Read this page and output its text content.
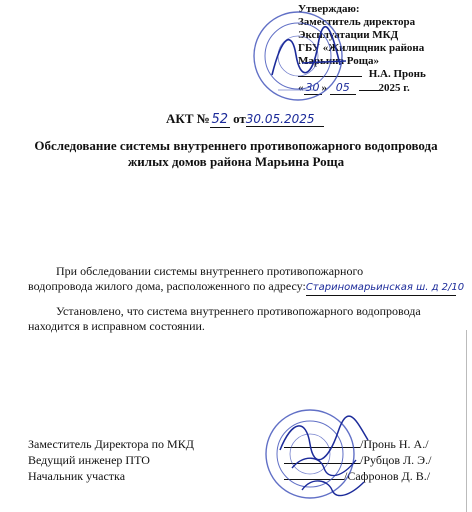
Утверждаю:
Заместитель директора
Эксплуатации МКД
ГБУ «Жилищник района
Марьина Роща»
Н.А. Пронь
« 30 » 05	2025 г.
АКТ № 52 от30.05.2025
Обследование системы внутреннего противопожарного водопровода
жилых домов района Марьина Роща
При обследовании системы внутреннего противопожарного
водопровода жилого дома, расположенного по адресу:Стариномарьинская ш. д 2/10
Установлено, что система внутреннего противопожарного водопровода
находится в исправном состоянии.
Заместитель Директора по МКД
Ведущий инженер ПТО
Начальник участка
/Пронь Н. А./
/Рубцов Л. Э./
/Сафронов Д. В./
